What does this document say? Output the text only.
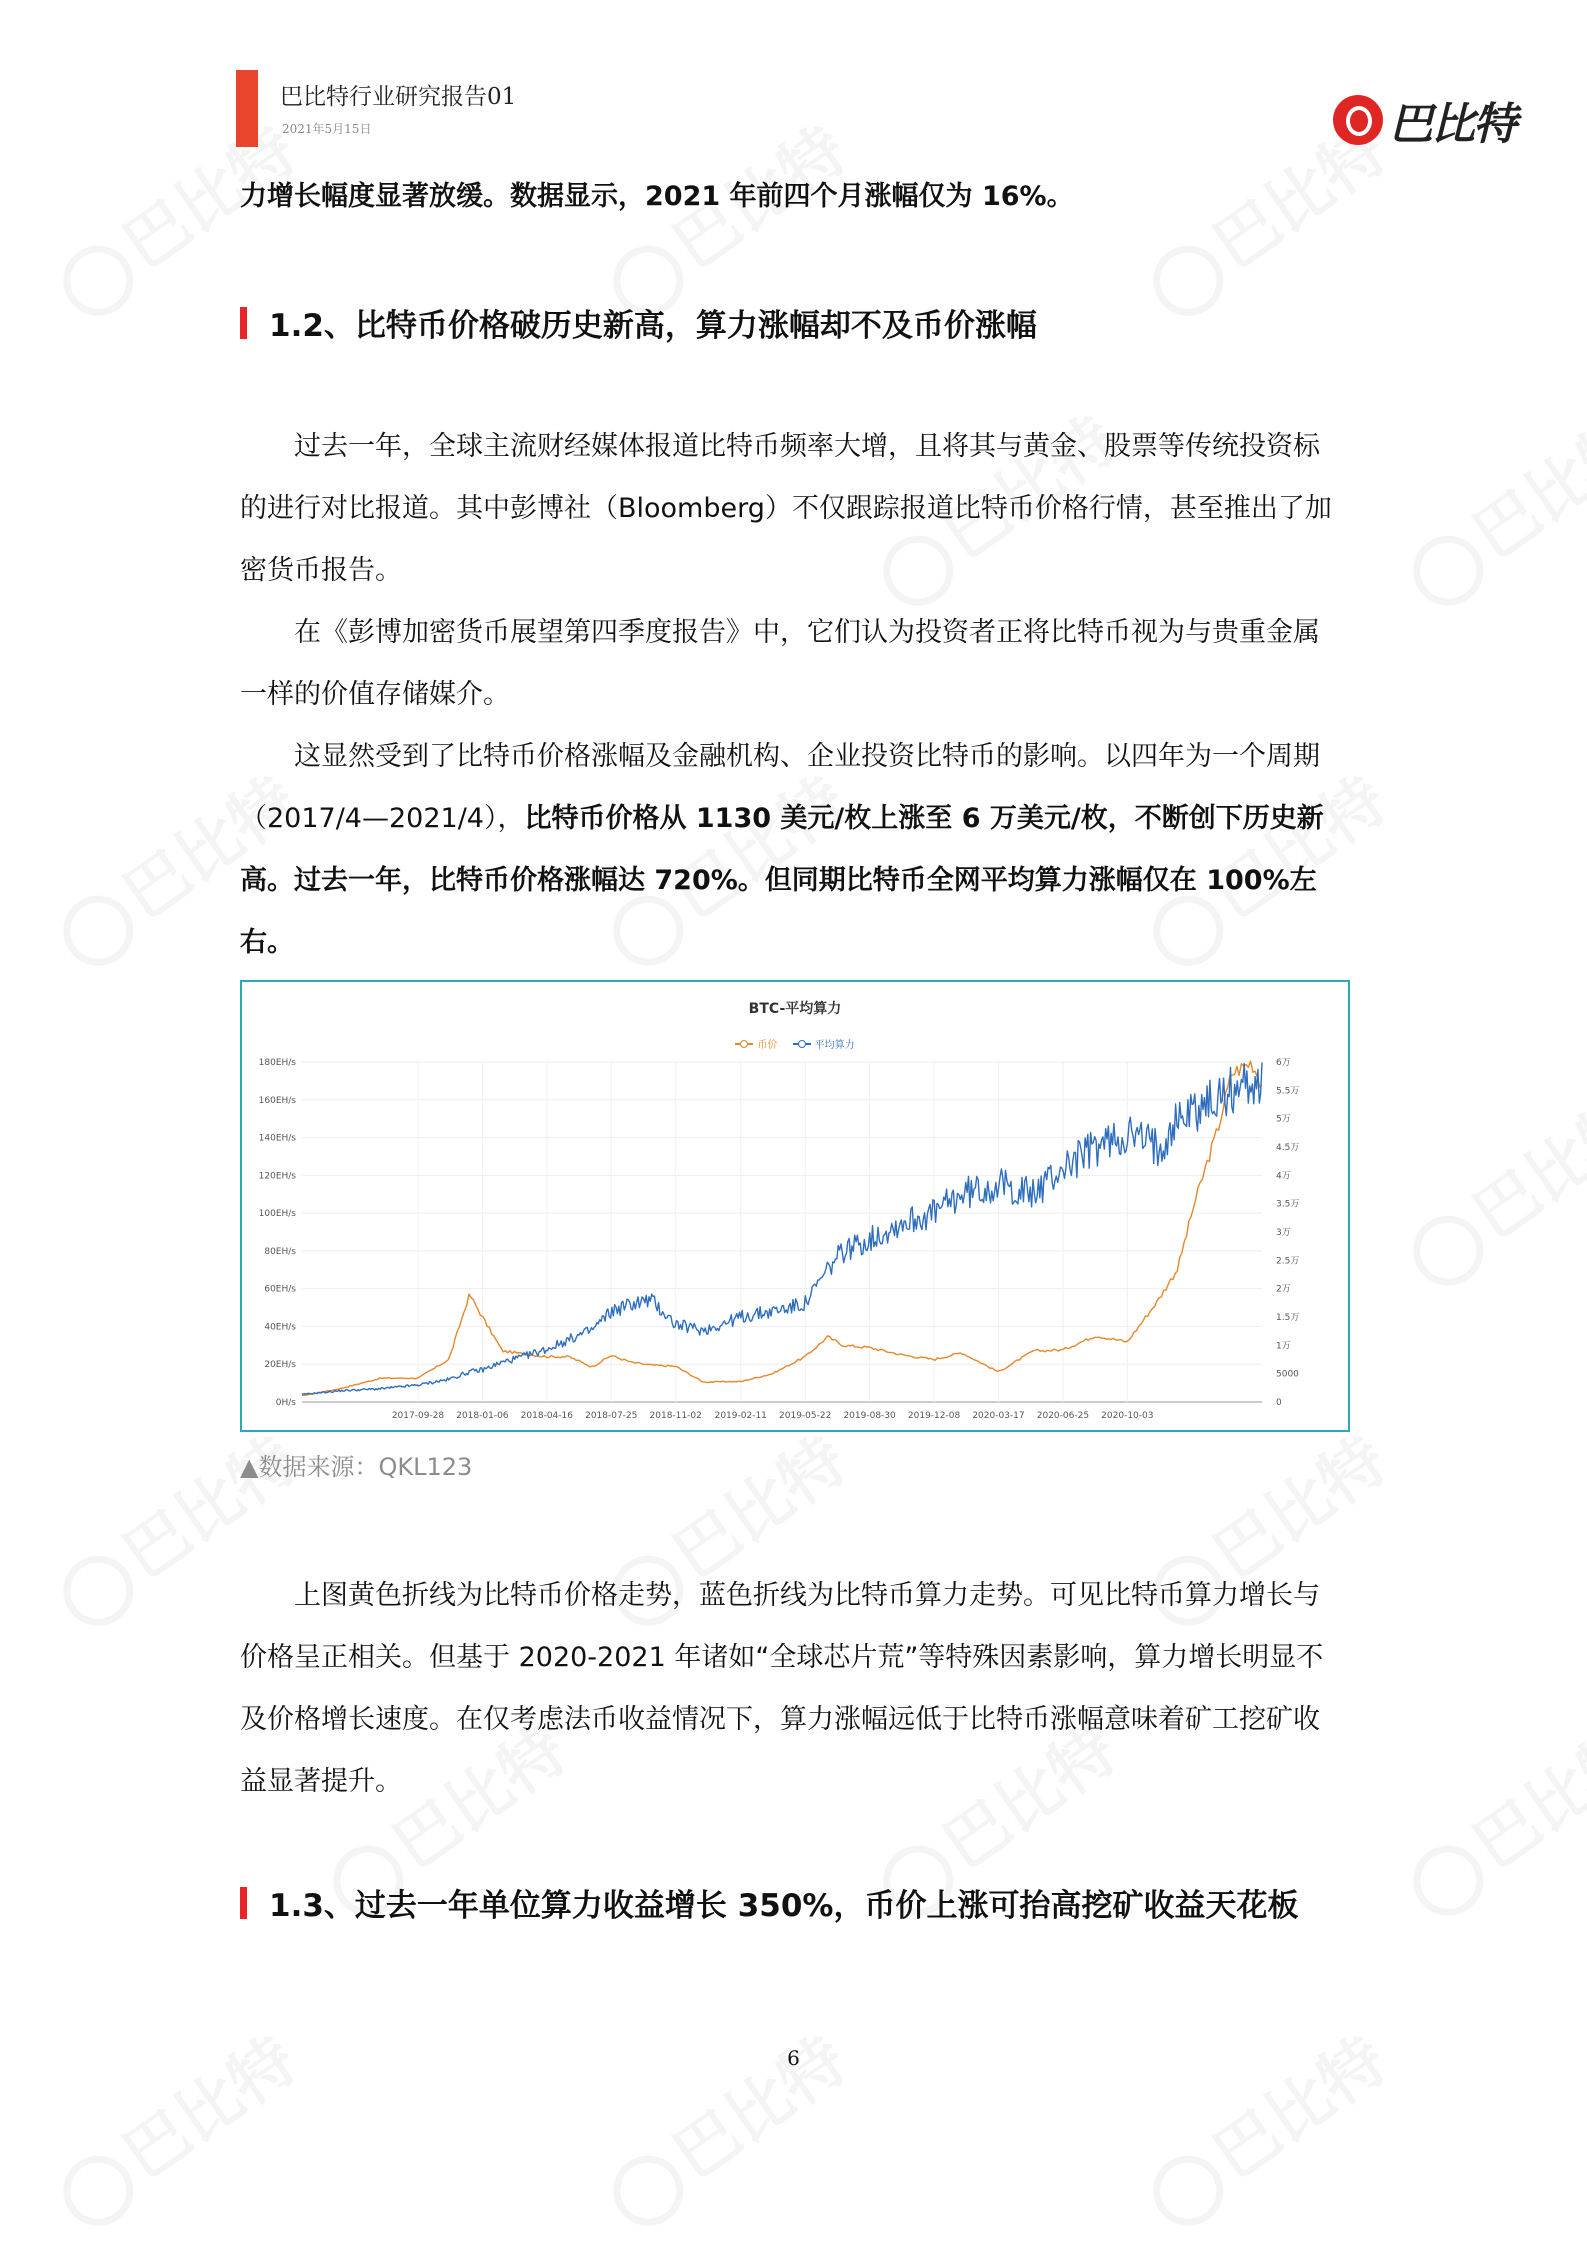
巴比特行业研究报告01
2021年5月15日	巴比特
力增长幅度显著放缓。数据显示，2021 年前四个月涨幅仅为 16%。
1.2、比特币价格破历史新高，算力涨幅却不及币价涨幅
过去一年，全球主流财经媒体报道比特币频率大增，且将其与黄金、股票等传统投资标
的进行对比报道。其中彭博社（Bloomberg）不仅跟踪报道比特币价格行情，甚至推出了加
密货币报告。
在《彭博加密货币展望第四季度报告》中，它们认为投资者正将比特币视为与贵重金属
一样的价值存储媒介。
这显然受到了比特币价格涨幅及金融机构、企业投资比特币的影响。以四年为一个周期
（2017/4—2021/4），比特币价格从 1130 美元/枚上涨至 6 万美元/枚，不断创下历史新高。 过去一年，比特币价格涨幅达 720%。但同期比特币全网平均算力涨幅仅在 100%左右。
BTC-平均算力
币价
	平均算力
0H/s
20EH/s
40EH/s
60EH/s
80EH/s
100EH/s
120EH/s
140EH/s
160EH/s
180EH/s
0
5000
1万
1.5万
2万
2.5万
3万
3.5万
4万
4.5万
5万
5.5万
6万
2017-09-28 2018-01-06 2018-04-16 2018-07-25 2018-11-02 2019-02-11 2019-05-22 2019-08-30 2019-12-08 2020-03-17 2020-06-25 2020-10-03
▲数据来源：QKL123
上图黄色折线为比特币价格走势，蓝色折线为比特币算力走势。可见比特币算力增长与
价格呈正相关。但基于 2020-2021 年诸如“全球芯片荒”等特殊因素影响，算力增长明显不
及价格增长速度。在仅考虑法币收益情况下，算力涨幅远低于比特币涨幅意味着矿工挖矿收
益显著提升。
1.3、过去一年单位算力收益增长 350%，币价上涨可抬高挖矿收益天花板
6
